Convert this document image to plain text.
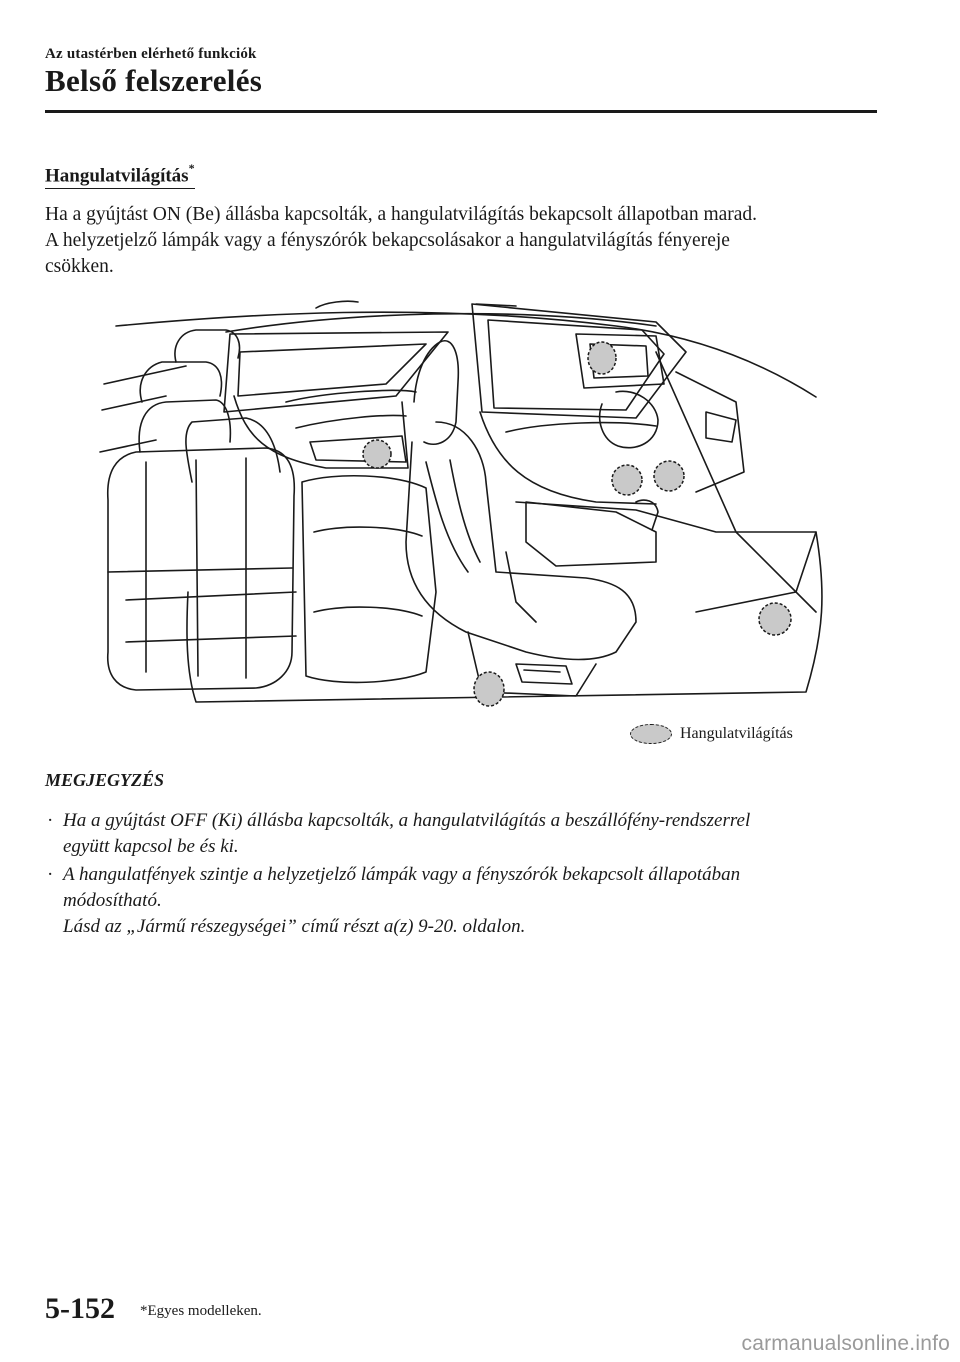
Az utastérben elérhető funkciók
Belső felszerelés
Hangulatvilágítás*

Ha a gyújtást ON (Be) állásba kapcsolták, a hangulatvilágítás bekapcsolt állapotban marad.

A helyzetjelző lámpák vagy a fényszórók bekapcsolásakor a hangulatvilágítás fényereje

csökken.

Hangulatvilágítás
MEGJEGYZÉS
· Ha a gyújtást OFF (Ki) állásba kapcsolták, a hangulatvilágítás a beszállófény-rendszerrel

együtt kapcsol be és ki.

· A hangulatfények szintje a helyzetjelző lámpák vagy a fényszórók bekapcsolt állapotában

módosítható.

Lásd az „Jármű részegységei” című részt a(z) 9-20. oldalon.

5-152 *Egyes modelleken.
carmanualsonline.info
